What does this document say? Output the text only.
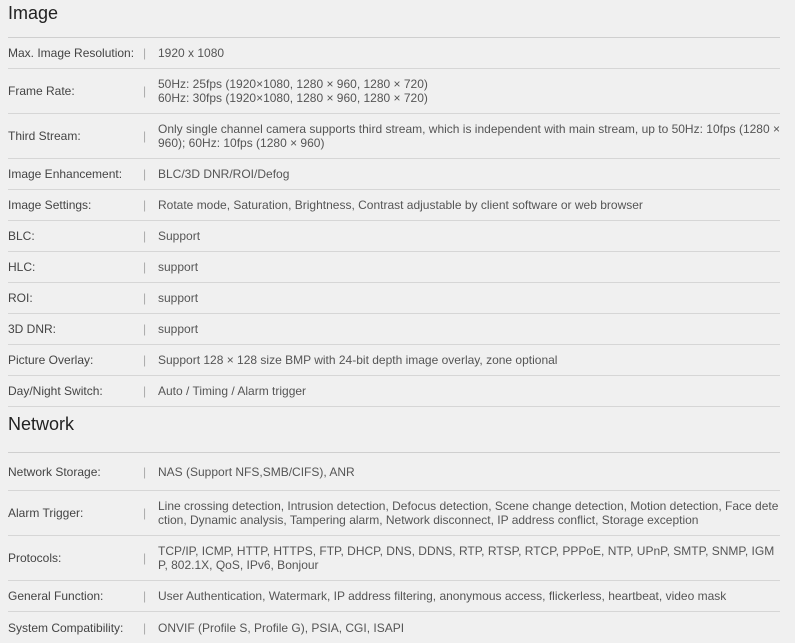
Image
Max. Image Resolution: | 1920 x 1080
Frame Rate:	| 50Hz: 25fps (1920×1080, 1280 × 960, 1280 × 720)
60Hz: 30fps (1920×1080, 1280 × 960, 1280 × 720)
Third Stream:	| Only single channel camera supports third stream, which is independent with main stream, up to 50Hz: 10fps (1280 × 960); 60Hz: 10fps (1280 × 960)
Image Enhancement:	| BLC/3D DNR/ROI/Defog
Image Settings:	| Rotate mode, Saturation, Brightness, Contrast adjustable by client software or web browser
BLC:	| Support
HLC:	| support
ROI:	| support
3D DNR:	| support
Picture Overlay:	| Support 128 × 128 size BMP with 24-bit depth image overlay, zone optional
Day/Night Switch:	| Auto / Timing / Alarm trigger
Network
Network Storage:	| NAS (Support NFS,SMB/CIFS), ANR
Alarm Trigger:	| Line crossing detection, Intrusion detection, Defocus detection, Scene change detection, Motion detection, Face detection, Dynamic analysis, Tampering alarm, Network disconnect, IP address conflict, Storage exception
Protocols:	| TCP/IP, ICMP, HTTP, HTTPS, FTP, DHCP, DNS, DDNS, RTP, RTSP, RTCP, PPPoE, NTP, UPnP, SMTP, SNMP, IGMP, 802.1X, QoS, IPv6, Bonjour
General Function:	| User Authentication, Watermark, IP address filtering, anonymous access, flickerless, heartbeat, video mask
System Compatibility:	| ONVIF (Profile S, Profile G), PSIA, CGI, ISAPI
